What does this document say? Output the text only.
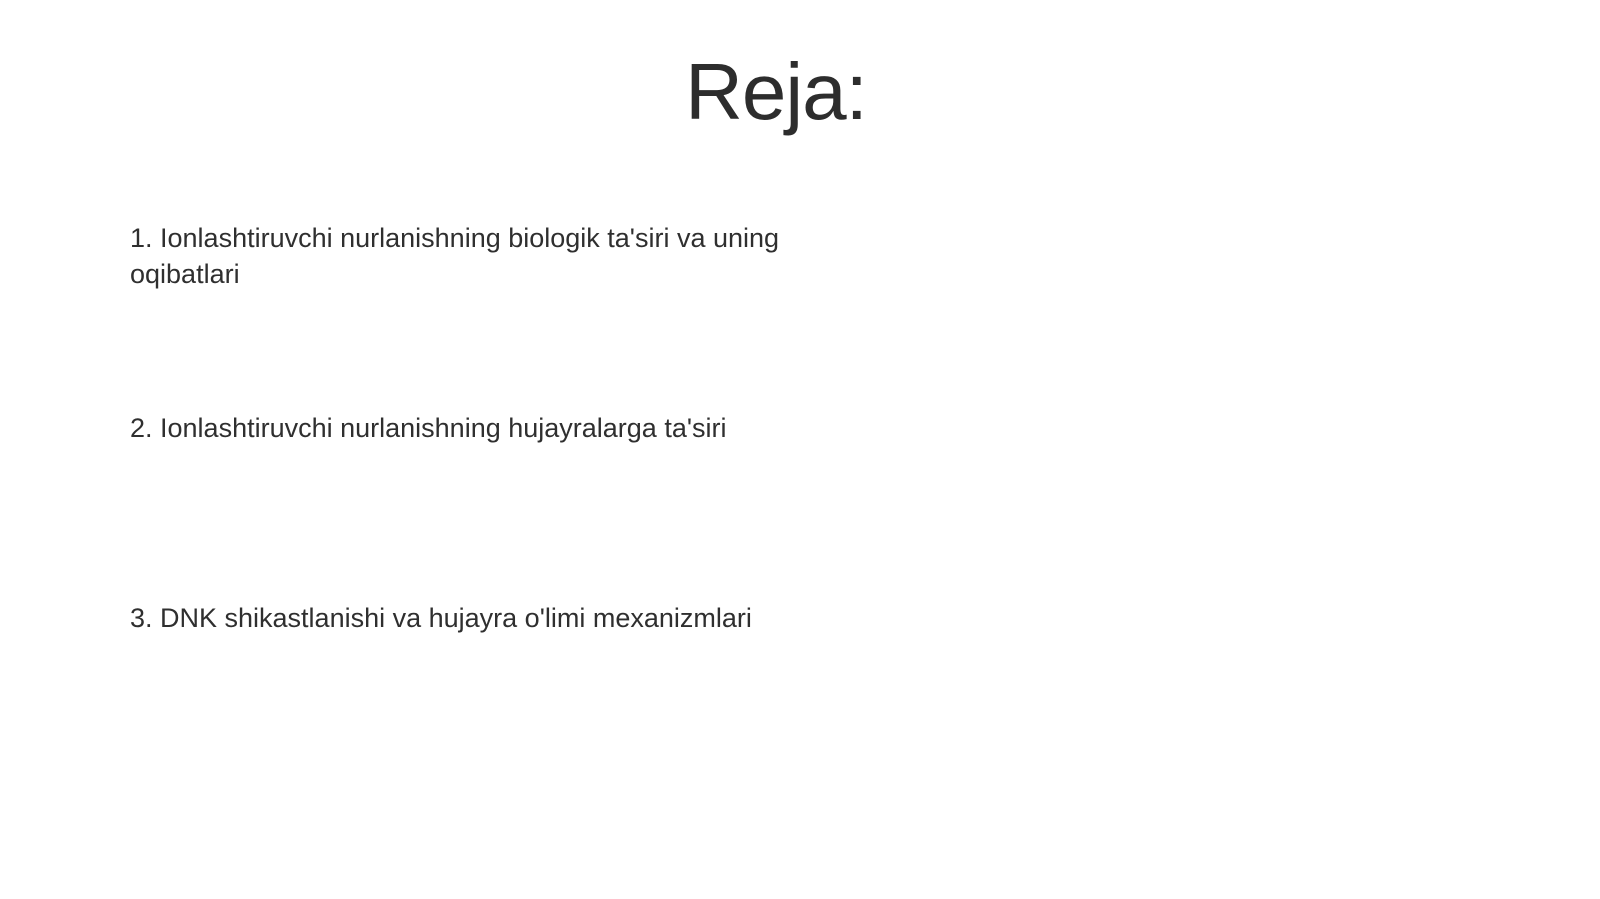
Reja:

1. Ionlashtiruvchi nurlanishning biologik ta'siri va uning oqibatlari

2. Ionlashtiruvchi nurlanishning hujayralarga ta'siri

3. DNK shikastlanishi va hujayra o'limi mexanizmlari
